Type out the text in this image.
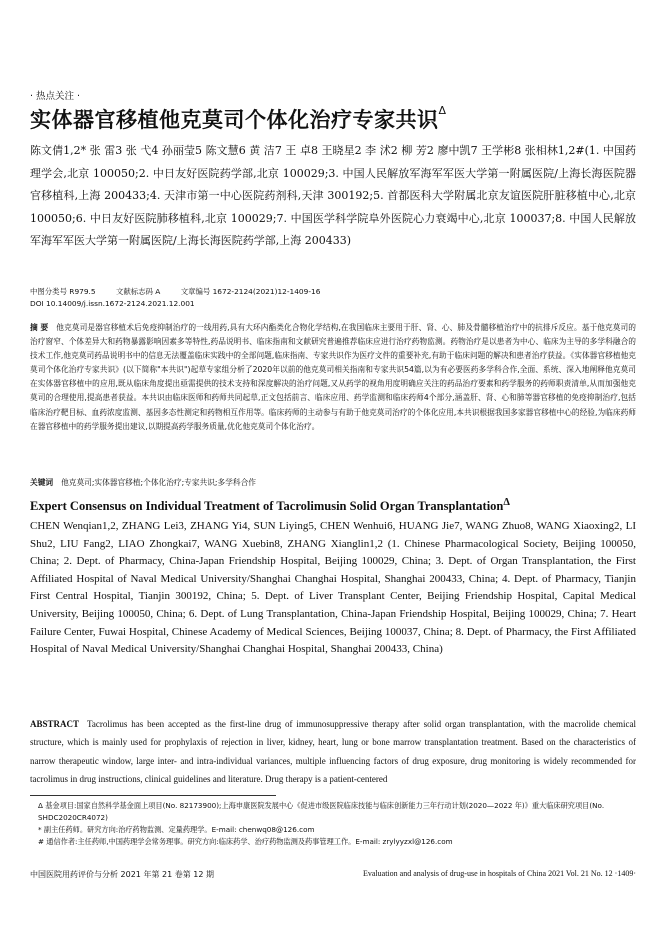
· 热点关注 ·
实体器官移植他克莫司个体化治疗专家共识$^\Delta$
陈文倩1,2* 张 雷3 张 弋4 孙丽莹5 陈文慧6 黄 洁7 王 卓8 王晓星2 李 沭2 柳 芳2 廖中凯7 王学彬8 张相林1,2#(1. 中国药理学会,北京 100050;2. 中日友好医院药学部,北京 100029;3. 中国人民解放军海军军医大学第一附属医院/上海长海医院器官移植科,上海 200433;4. 天津市第一中心医院药剂科,天津 300192;5. 首都医科大学附属北京友谊医院肝脏移植中心,北京 100050;6. 中日友好医院肺移植科,北京 100029;7. 中国医学科学院阜外医院心力衰竭中心,北京 100037;8. 中国人民解放军海军军医大学第一附属医院/上海长海医院药学部,上海 200433)
中图分类号 R979.5	文献标志码 A	文章编号 1672-2124(2021)12-1409-16
DOI 10.14009/j.issn.1672-2124.2021.12.001
摘 要 他克莫司是器官移植术后免疫抑制治疗的一线用药,具有大环内酯类化合物化学结构,在我国临床主要用于肝、肾、心、肺及骨髓移植治疗中的抗排斥反应。基于他克莫司的治疗窗窄、个体差异大和药物暴露影响因素多等特性,药品说明书、临床指南和文献研究普遍推荐临床应进行治疗药物监测。药物治疗是以患者为中心、临床为主导的多学科融合的技术工作,他克莫司药品说明书中的信息无法覆盖临床实践中的全部问题,临床指南、专家共识作为医疗文件的重要补充,有助于临床问题的解决和患者治疗获益。《实体器官移植他克莫司个体化治疗专家共识》(以下简称"本共识")起草专家组分析了2020年以前的他克莫司相关指南和专家共识54篇,以为有必要医药多学科合作,全面、系统、深入地阐释他克莫司在实体器官移植中的应用,既从临床角度提出亟需提供的技术支持和深度解决的治疗问题,又从药学的视角用度明确应关注的药品治疗要素和药学服务的药师职责清单,从而加强他克莫司的合理使用,提高患者获益。本共识由临床医师和药师共同起草,正文包括前言、临床应用、药学监测和临床药师4个部分,涵盖肝、肾、心和肺等器官移植的免疫抑制治疗,包括临床治疗靶目标、血药浓度监测、基因多态性测定和药物相互作用等。临床药师的主动参与有助于他克莫司治疗的个体化应用,本共识根据我国多家器官移植中心的经验,为临床药师在器官移植中的药学服务提出建议,以期提高药学服务质量,优化他克莫司个体化治疗。
关键词 他克莫司;实体器官移植;个体化治疗;专家共识;多学科合作
Expert Consensus on Individual Treatment of Tacrolimusin Solid Organ Transplantation$^\Delta$
CHEN Wenqian1,2, ZHANG Lei3, ZHANG Yi4, SUN Liying5, CHEN Wenhui6, HUANG Jie7, WANG Zhuo8, WANG Xiaoxing2, LI Shu2, LIU Fang2, LIAO Zhongkai7, WANG Xuebin8, ZHANG Xianglin1,2 (1. Chinese Pharmacological Society, Beijing 100050, China; 2. Dept. of Pharmacy, China-Japan Friendship Hospital, Beijing 100029, China; 3. Dept. of Organ Transplantation, the First Affiliated Hospital of Naval Medical University/Shanghai Changhai Hospital, Shanghai 200433, China; 4. Dept. of Pharmacy, Tianjin First Central Hospital, Tianjin 300192, China; 5. Dept. of Liver Transplant Center, Beijing Friendship Hospital, Capital Medical University, Beijing 100050, China; 6. Dept. of Lung Transplantation, China-Japan Friendship Hospital, Beijing 100029, China; 7. Heart Failure Center, Fuwai Hospital, Chinese Academy of Medical Sciences, Beijing 100037, China; 8. Dept. of Pharmacy, the First Affiliated Hospital of Naval Medical University/Shanghai Changhai Hospital, Shanghai 200433, China)
ABSTRACT Tacrolimus has been accepted as the first-line drug of immunosuppressive therapy after solid organ transplantation, with the macrolide chemical structure, which is mainly used for prophylaxis of rejection in liver, kidney, heart, lung or bone marrow transplantation treatment. Based on the characteristics of narrow therapeutic window, large inter- and intra-individual variances, multiple influencing factors of drug exposure, drug monitoring is widely recommended for tacrolimus in drug instructions, clinical guidelines and literature. Drug therapy is a patient-centered
Δ 基金项目:国家自然科学基金面上项目(No. 82173900);上海申康医院发展中心《促进市级医院临床技能与临床创新能力三年行动计划(2020—2022 年)》重大临床研究项目(No. SHDC2020CR4072)
* 副主任药师。研究方向:治疗药物监测、定量药理学。E-mail: chenwq08@126.com
# 通信作者:主任药师,中国药理学会常务理事。研究方向:临床药学、治疗药物监测及药事管理工作。E-mail: zrylyyzxl@126.com
中国医院用药评价与分析 2021 年第 21 卷第 12 期	Evaluation and analysis of drug-use in hospitals of China 2021 Vol. 21 No. 12 ·1409·
